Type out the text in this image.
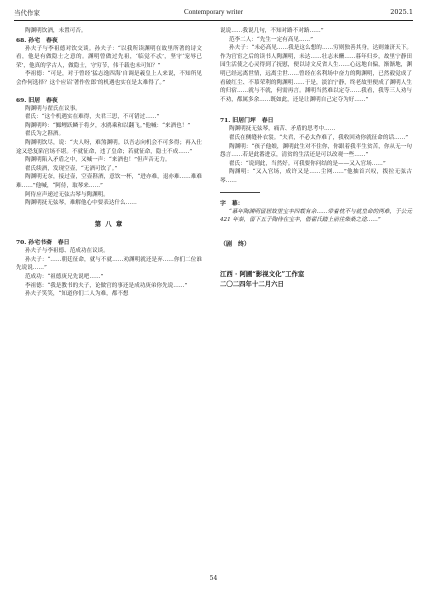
当代作家	Contemporary writer	2025.1

陶渊明饮酒，未置可否。

68. 孙宅　春夜

孙夫子与李祖德对饮交谈。孙夫子：“以我所读渊明在故里所著的诗文看，他是有做隐士之意的。渊明曾做过先祖，‘临觉不忒’，坚守‘宠辱已荣’，他真的学古人，做隐士，守穷节，伟千载也未可知？”

李祖德：“可是，对于曾经‘猛志逸四海’自调是羲皇上人来说，不知所见会作何选择？这个应诏‘著作佐郎’的机遇也实在是太难得了。”

69. 旧居　春夜

陶渊明与翟氏在议事。

翟氏：“这个机遇实在难得，夫君三思，不可错过……”

陶渊明吟：“鮿鲤跃鳞于将夕，水鸥乘和以翻飞。”他喊：“来酒也！”

翟氏为之斟酒。

陶渊明饮尽，说：“夫人呀，难煞渊明。以吾志向机会不可多得；再入仕途又恐复陷官场不堪。不就征命，违了皇命；若就征命，隐士不成……”

陶渊明陷入矛盾之中，又喊一声：“来酒也！”但声音无力。

翟氏续酒，发现空壶，“无酒可饮了。”

陶渊明无奈，接过壶，空壶斟酒，意饮一杯，“进亦难，退亦难……难难难……”他喊，“阿侍，取琴来……”

阿侍应声递过无弦古琴与陶渊明。

陶渊明抚无弦琴，难解他心中要表达什么……

第 八 章
70. 孙宅书斋　春日

孙夫子与李祖德、范成功在议谈。

孙夫子：“……朝廷征命，就与不就……劝渊明就还是弃……你们二位谁先说说……”

范成功：“祖德庚兄先说吧……”

李祖德：“我是教书的夫子，论做官的事还是成功庚弟你先说……”

孙夫子笑笑，“知道你们二人为难，都不想

说说……我说几句，不知对路不对路……”

范李二人：“先生一定有高见……”

孙夫子：“未必高见……我是这么想的……穷则独善其身，达则兼济天下。作为官宦之后的读书人陶渊明，未达……壮志未酬……暮年归乡，故里宁静田园生活使之心灵得到了抚慰，便以诗文反省人生……心远地自偏，渐渐地，渊明已经远离世情，远离尘世……曾经在名利场中奋力的陶渊明，已然毅觉成了看破红尘、不慕荣利的陶渊明……于是，淡泊宁静，终老故里便成了渊明人生的归宿……就与不就，何需再言。渊明当然难以定夺……我看，我等三人劝与不劝，都属多余……既如此，还是让渊明自己定夺为好……”

71. 旧居门坪　春日

陶渊明抚无弦琴，痛苦、矛盾的思考中……

翟氏在侧缝补衣裳。“夫君，不必太作难了，我收回劝你就征命的话……”

陶渊明：“孩子他娘，渊明此生对不住你，你跟着我半生贫苦，你从无一句怨言……若是此番进京，清贫的生活还是可以改观一些……”

翟氏：“说到此，当然好。可我要你问结的是——又入官场……”

陶渊明：“又入官场，成许又是……尘网……”他抽首兴叹，拨拉无弦古琴……

字　幕：

“慕年陶渊明留居故里宝丰四载有余……带着枕不与就皇命的两难，于公元 421 年秦，留下五子陶侍在宝丰，偕翟氏踏上前往柴桑之途……”

（剧　终）

江西 · 阿圃“影视文化”工作室

二〇二四年十二月六日

54
